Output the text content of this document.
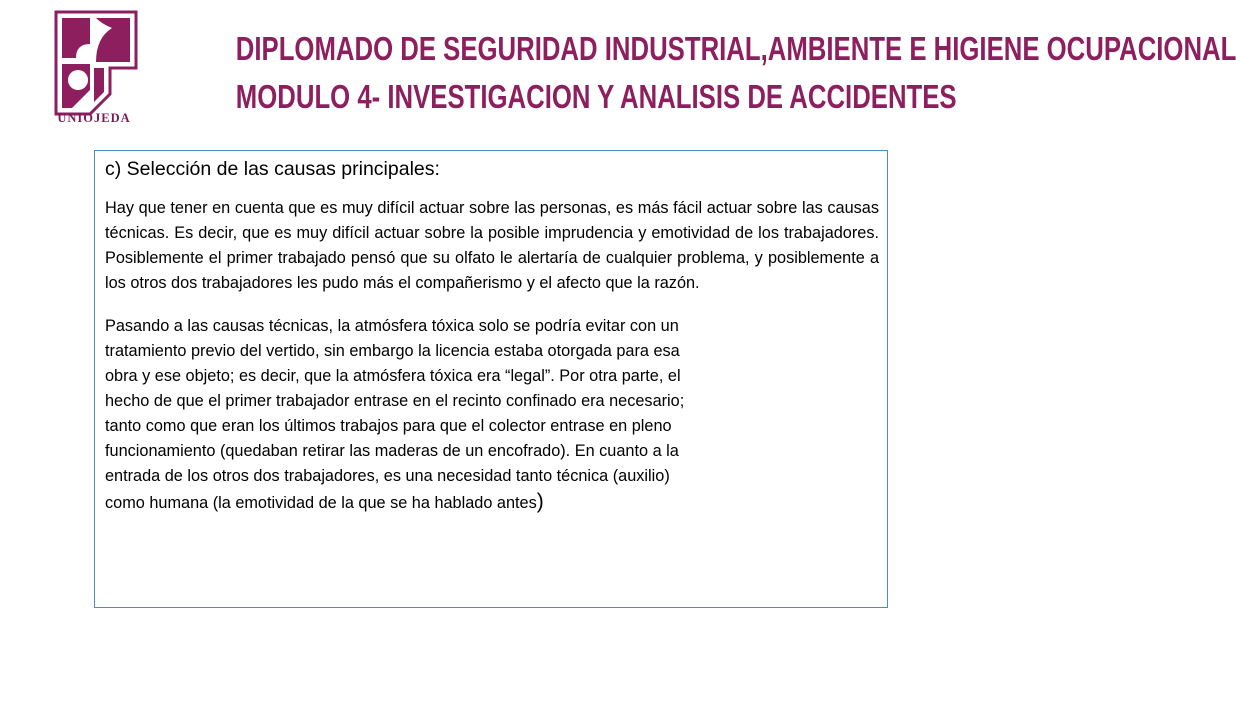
UNIOJEDA
DIPLOMADO DE SEGURIDAD INDUSTRIAL,AMBIENTE E HIGIENE OCUPACIONAL
MODULO 4- INVESTIGACION Y ANALISIS DE ACCIDENTES

c) Selección de las causas principales:

Hay que tener en cuenta que es muy difícil actuar sobre las personas, es más fácil actuar sobre las causas técnicas. Es decir, que es muy difícil actuar sobre la posible imprudencia y emotividad de los trabajadores. Posiblemente el primer trabajado pensó que su olfato le alertaría de cualquier problema, y posiblemente a los otros dos trabajadores les pudo más el compañerismo y el afecto que la razón.

Pasando a las causas técnicas, la atmósfera tóxica solo se podría evitar con un
tratamiento previo del vertido, sin embargo la licencia estaba otorgada para esa
obra y ese objeto; es decir, que la atmósfera tóxica era “legal”. Por otra parte, el
hecho de que el primer trabajador entrase en el recinto confinado era necesario;
tanto como que eran los últimos trabajos para que el colector entrase en pleno
funcionamiento (quedaban retirar las maderas de un encofrado). En cuanto a la
entrada de los otros dos trabajadores, es una necesidad tanto técnica (auxilio)
como humana (la emotividad de la que se ha hablado antes)
